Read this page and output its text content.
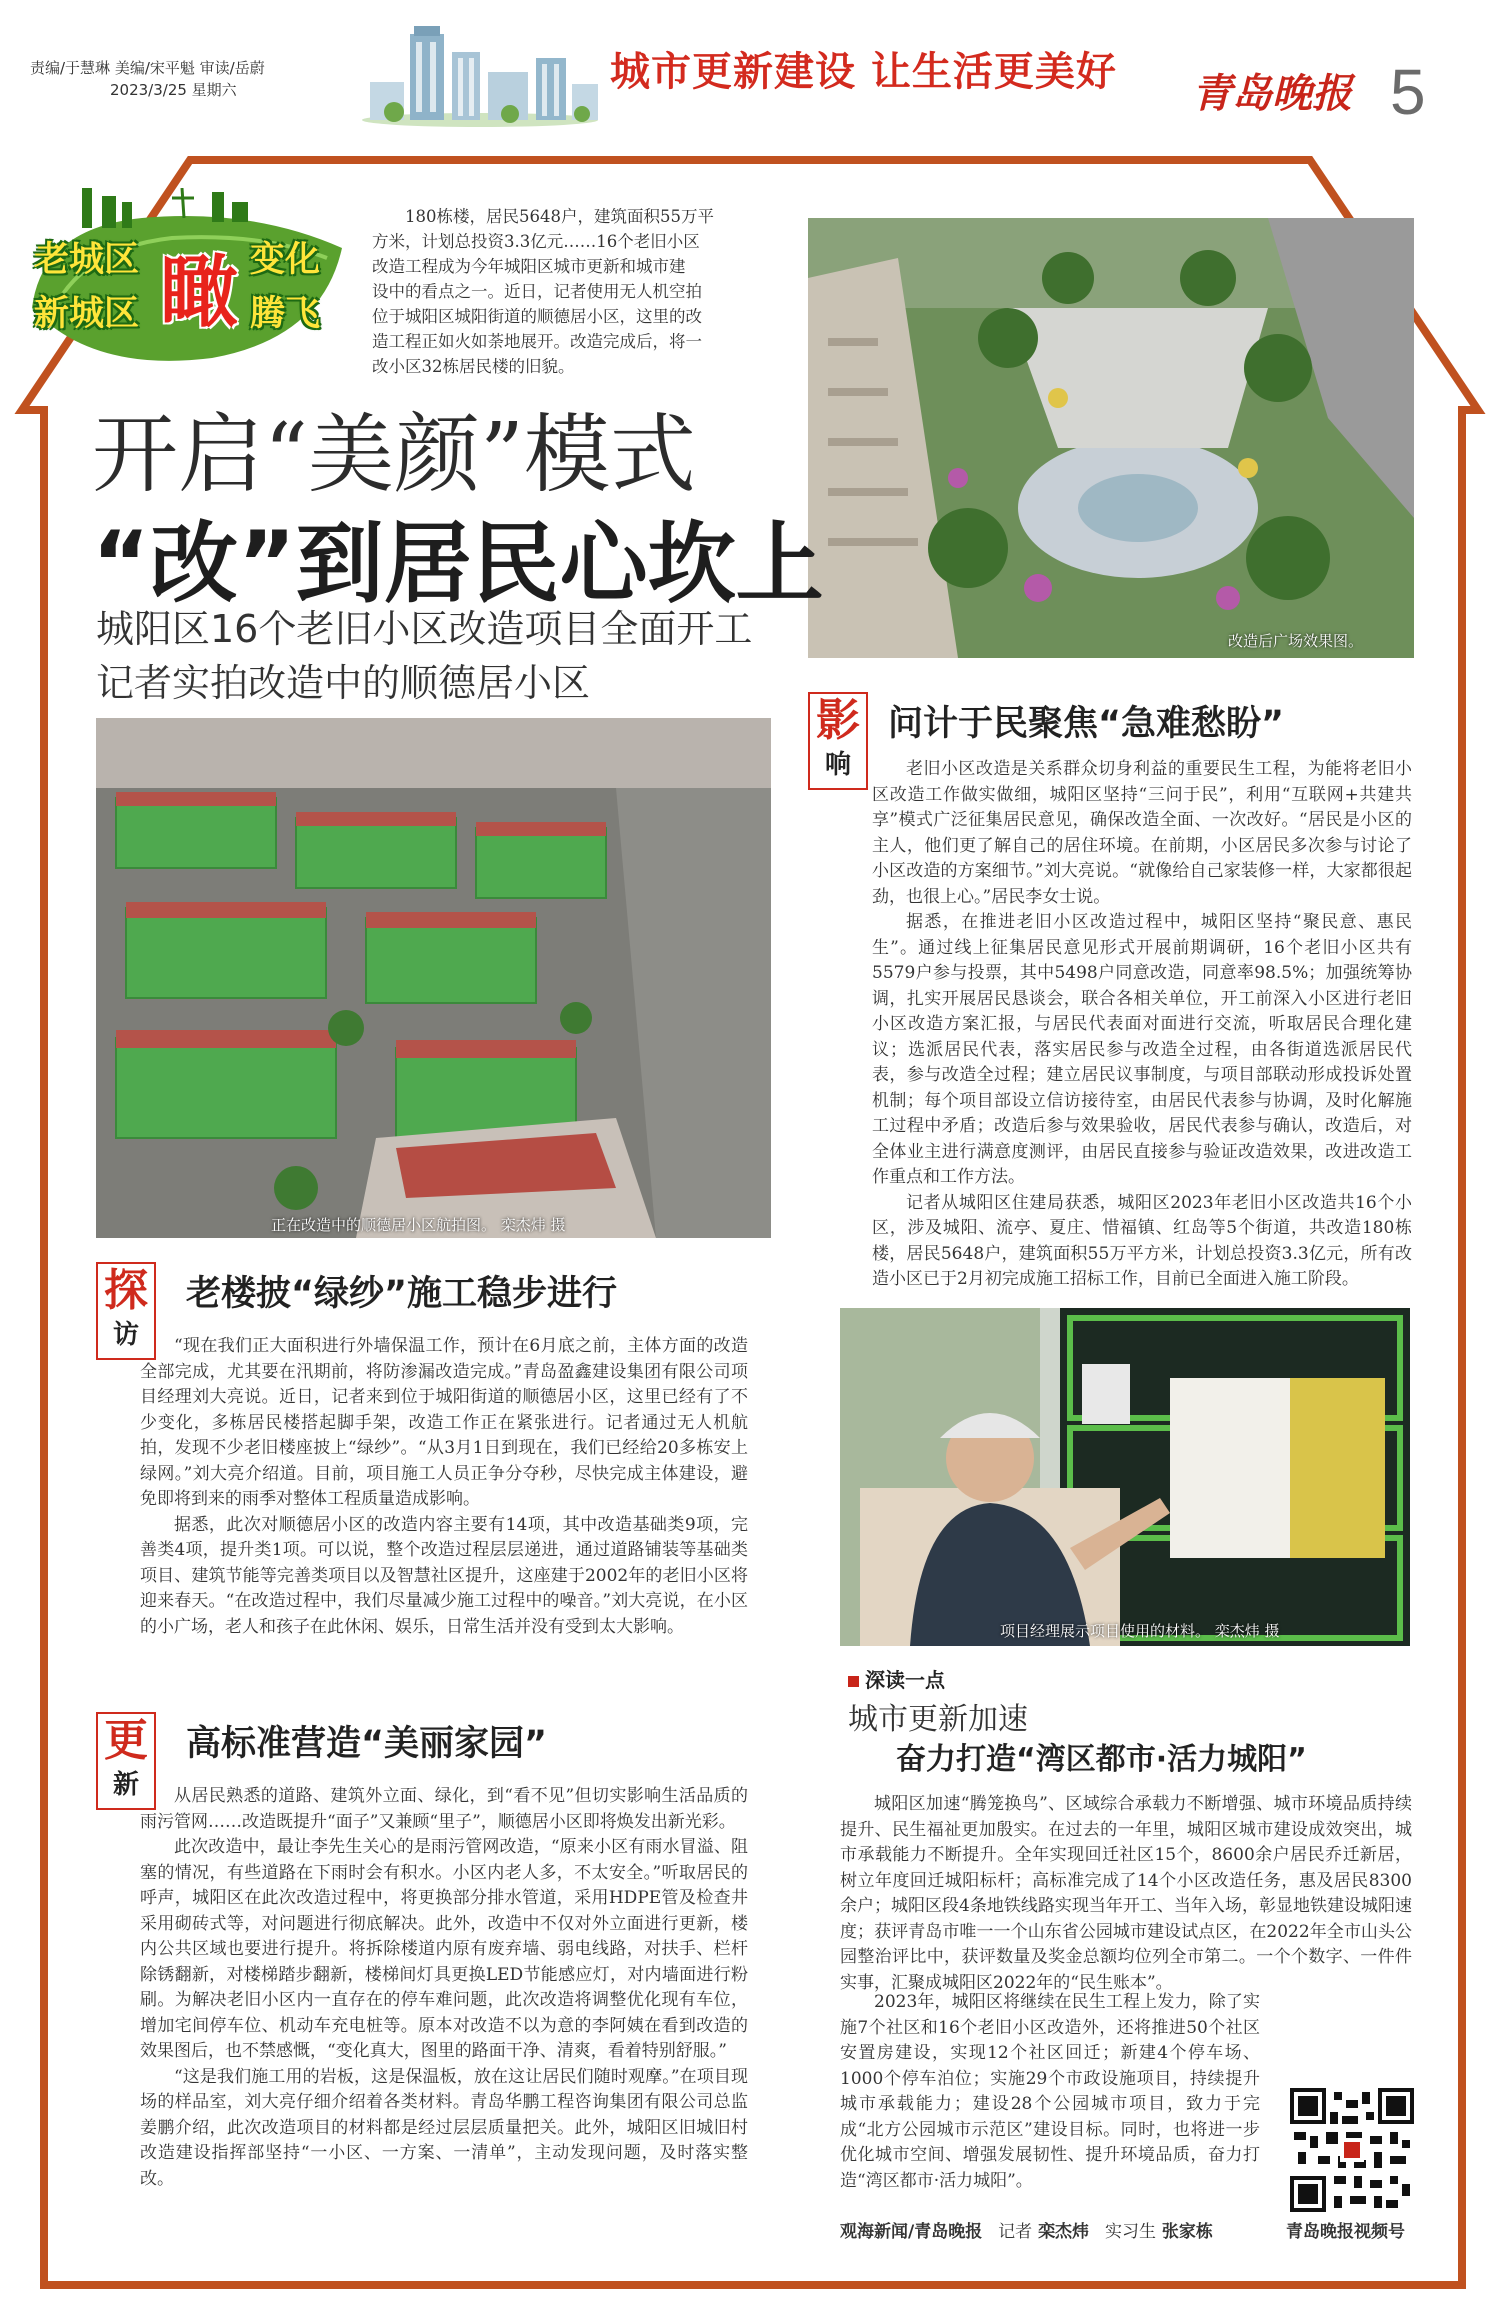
责编/于慧琳 美编/宋平魁 审读/岳蔚
2023/3/25 星期六	城市更新建设 让生活更美好 青岛晚报 5
老城区
新城区 瞰 变化
腾飞
180栋楼，居民5648户，建筑面积55万平
方米，计划总投资3.3亿元……16个老旧小区
改造工程成为今年城阳区城市更新和城市建
设中的看点之一。近日，记者使用无人机空拍
位于城阳区城阳街道的顺德居小区，这里的改
造工程正如火如荼地展开。改造完成后，将一
改小区32栋居民楼的旧貌。
改造后广场效果图。
开启“美颜”模式
“改”到居民心坎上
城阳区16个老旧小区改造项目全面开工
记者实拍改造中的顺德居小区
正在改造中的顺德居小区航拍图。 栾杰炜 摄
影
响
问计于民聚焦“急难愁盼”

老旧小区改造是关系群众切身利益的重要民生工程，为能将老旧小区改造工作做实做细，城阳区坚持“三问于民”，利用“互联网+共建共享”模式广泛征集居民意见，确保改造全面、一次改好。“居民是小区的主人，他们更了解自己的居住环境。在前期，小区居民多次参与讨论了小区改造的方案细节。”刘大亮说。“就像给自己家装修一样，大家都很起劲，也很上心。”居民李女士说。

据悉，在推进老旧小区改造过程中，城阳区坚持“聚民意、惠民生”。通过线上征集居民意见形式开展前期调研，16个老旧小区共有5579户参与投票，其中5498户同意改造，同意率98.5%；加强统筹协调，扎实开展居民恳谈会，联合各相关单位，开工前深入小区进行老旧小区改造方案汇报，与居民代表面对面进行交流，听取居民合理化建议；选派居民代表，落实居民参与改造全过程，由各街道选派居民代表，参与改造全过程；建立居民议事制度，与项目部联动形成投诉处置机制；每个项目部设立信访接待室，由居民代表参与协调，及时化解施工过程中矛盾；改造后参与效果验收，居民代表参与确认，改造后，对全体业主进行满意度测评，由居民直接参与验证改造效果，改进改造工作重点和工作方法。

记者从城阳区住建局获悉，城阳区2023年老旧小区改造共16个小区，涉及城阳、流亭、夏庄、惜福镇、红岛等5个街道，共改造180栋楼，居民5648户，建筑面积55万平方米，计划总投资3.3亿元，所有改造小区已于2月初完成施工招标工作，目前已全面进入施工阶段。

项目经理展示项目使用的材料。 栾杰炜 摄
探
访
老楼披“绿纱”施工稳步进行

“现在我们正大面积进行外墙保温工作，预计在6月底之前，主体方面的改造全部完成，尤其要在汛期前，将防渗漏改造完成。”青岛盈鑫建设集团有限公司项目经理刘大亮说。近日，记者来到位于城阳街道的顺德居小区，这里已经有了不少变化，多栋居民楼搭起脚手架，改造工作正在紧张进行。记者通过无人机航拍，发现不少老旧楼座披上“绿纱”。“从3月1日到现在，我们已经给20多栋安上绿网。”刘大亮介绍道。目前，项目施工人员正争分夺秒，尽快完成主体建设，避免即将到来的雨季对整体工程质量造成影响。

据悉，此次对顺德居小区的改造内容主要有14项，其中改造基础类9项，完善类4项，提升类1项。可以说，整个改造过程层层递进，通过道路铺装等基础类项目、建筑节能等完善类项目以及智慧社区提升，这座建于2002年的老旧小区将迎来春天。“在改造过程中，我们尽量减少施工过程中的噪音。”刘大亮说，在小区的小广场，老人和孩子在此休闲、娱乐，日常生活并没有受到太大影响。

更
新
高标准营造“美丽家园”

从居民熟悉的道路、建筑外立面、绿化，到“看不见”但切实影响生活品质的雨污管网……改造既提升“面子”又兼顾“里子”，顺德居小区即将焕发出新光彩。

此次改造中，最让李先生关心的是雨污管网改造，“原来小区有雨水冒溢、阻塞的情况，有些道路在下雨时会有积水。小区内老人多，不太安全。”听取居民的呼声，城阳区在此次改造过程中，将更换部分排水管道，采用HDPE管及检查井采用砌砖式等，对问题进行彻底解决。此外，改造中不仅对外立面进行更新，楼内公共区域也要进行提升。将拆除楼道内原有废弃墙、弱电线路，对扶手、栏杆除锈翻新，对楼梯踏步翻新，楼梯间灯具更换LED节能感应灯，对内墙面进行粉刷。为解决老旧小区内一直存在的停车难问题，此次改造将调整优化现有车位，增加宅间停车位、机动车充电桩等。原本对改造不以为意的李阿姨在看到改造的效果图后，也不禁感慨，“变化真大，图里的路面干净、清爽，看着特别舒服。”

“这是我们施工用的岩板，这是保温板，放在这让居民们随时观摩。”在项目现场的样品室，刘大亮仔细介绍着各类材料。青岛华鹏工程咨询集团有限公司总监姜鹏介绍，此次改造项目的材料都是经过层层质量把关。此外，城阳区旧城旧村改造建设指挥部坚持“一小区、一方案、一清单”，主动发现问题，及时落实整改。

深读一点
城市更新加速
奋力打造“湾区都市·活力城阳”

城阳区加速“腾笼换鸟”、区域综合承载力不断增强、城市环境品质持续提升、民生福祉更加殷实。在过去的一年里，城阳区城市建设成效突出，城市承载能力不断提升。全年实现回迁社区15个，8600余户居民乔迁新居，树立年度回迁城阳标杆；高标准完成了14个小区改造任务，惠及居民8300余户；城阳区段4条地铁线路实现当年开工、当年入场，彰显地铁建设城阳速度；获评青岛市唯一一个山东省公园城市建设试点区，在2022年全市山头公园整治评比中，获评数量及奖金总额均位列全市第二。一个个数字、一件件实事，汇聚成城阳区2022年的“民生账本”。

2023年，城阳区将继续在民生工程上发力，除了实施7个社区和16个老旧小区改造外，还将推进50个社区安置房建设，实现12个社区回迁；新建4个停车场、1000个停车泊位；实施29个市政设施项目，持续提升城市承载能力；建设28个公园城市项目，致力于完成“北方公园城市示范区”建设目标。同时，也将进一步优化城市空间、增强发展韧性、提升环境品质，奋力打造“湾区都市·活力城阳”。

青岛晚报视频号
观海新闻/青岛晚报 记者 栾杰炜 实习生 张家栋
